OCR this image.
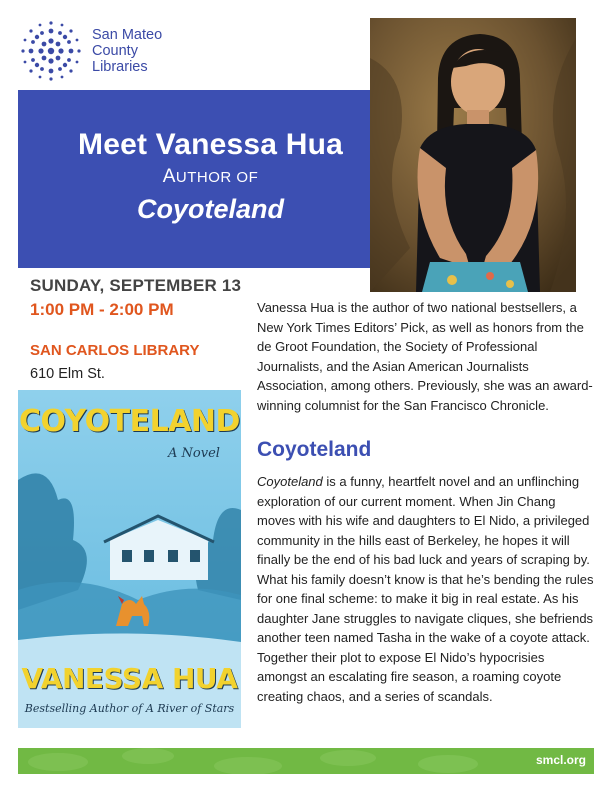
San Mateo
County
Libraries
Meet Vanessa Hua
AUTHOR OF
Coyoteland
SUNDAY, SEPTEMBER 13
1:00 PM - 2:00 PM
SAN CARLOS LIBRARY
610 Elm St.

Vanessa Hua is the author of two national bestsellers, a New York Times Editors’ Pick, as well as honors from the de Groot Foundation, the Society of Professional Journalists, and the Asian American Journalists Association, among others. Previously, she was an award-winning columnist for the San Francisco Chronicle.

Coyoteland

Coyoteland is a funny, heartfelt novel and an unflinching exploration of our current moment. When Jin Chang moves with his wife and daughters to El Nido, a privileged community in the hills east of Berkeley, he hopes it will finally be the end of his bad luck and years of scraping by. What his family doesn’t know is that he’s bending the rules for one final scheme: to make it big in real estate. As his daughter Jane struggles to navigate cliques, she befriends another teen named Tasha in the wake of a coyote attack. Together their plot to expose El Nido’s hypocrisies amongst an escalating fire season, a roaming coyote creating chaos, and a series of scandals.

COYOTELAND
A Novel
VANESSA HUA
Bestselling Author of A River of Stars
smcl.org
